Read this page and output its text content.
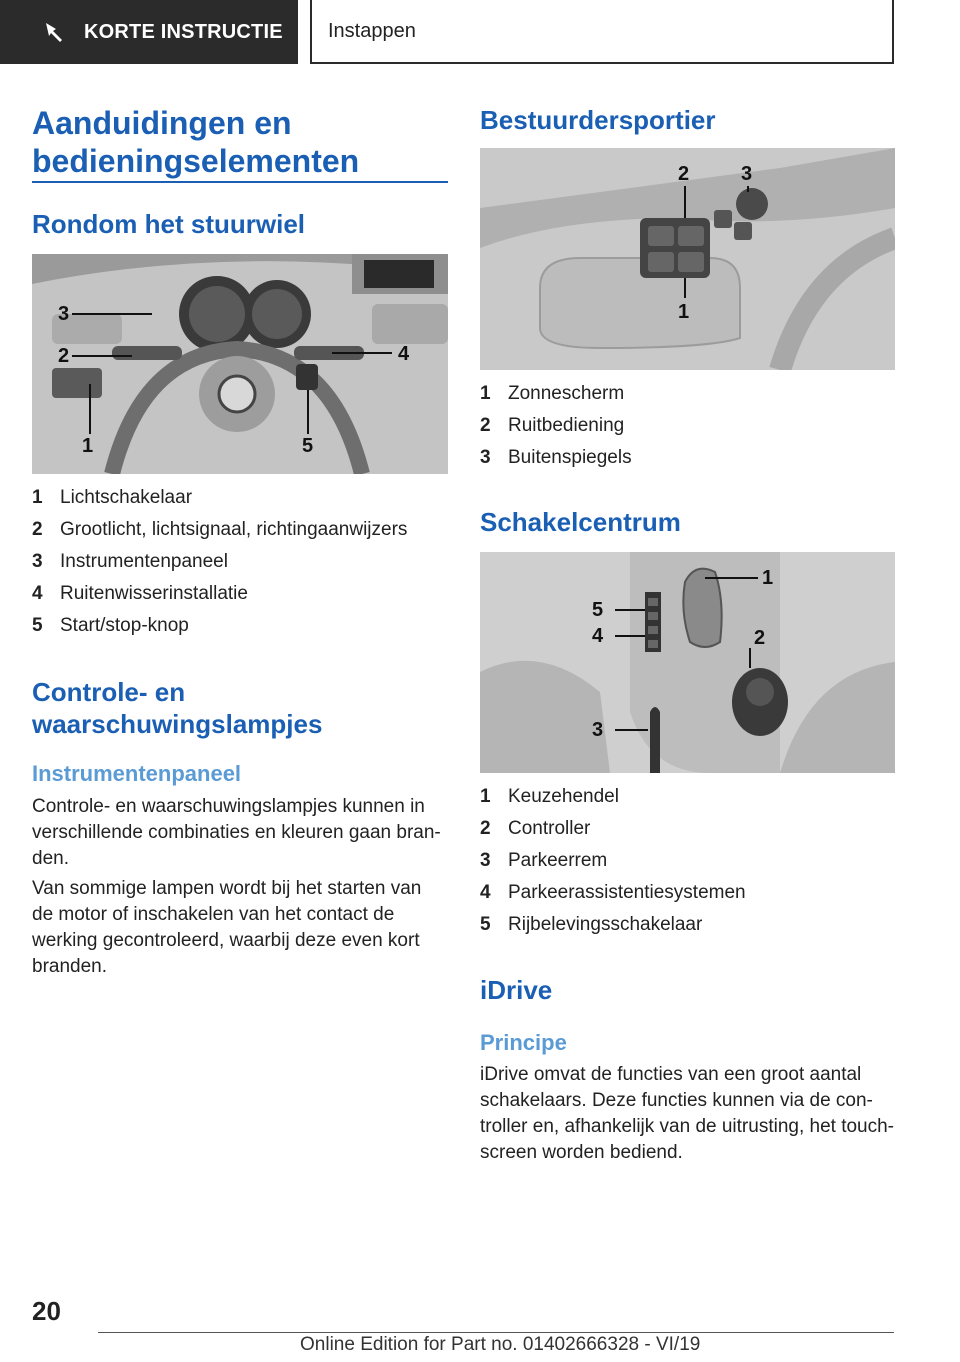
KORTE INSTRUCTIE Instappen
Aanduidingen en bedieningselementen
Rondom het stuurwiel
3
2	4
1	5
1 Lichtschakelaar
2 Grootlicht, lichtsignaal, richtingaanwijzers
3 Instrumentenpaneel
4 Ruitenwisserinstallatie
5 Start/stop-knop
Controle- en waarschuwingslampjes
Instrumentenpaneel
Controle- en waarschuwingslampjes kunnen in verschillende combinaties en kleuren gaan bran-den.
Van sommige lampen wordt bij het starten van de motor of inschakelen van het contact de werking gecontroleerd, waarbij deze even kort branden.
Bestuurdersportier
2	3
1
1 Zonnescherm
2 Ruitbediening
3 Buitenspiegels
Schakelcentrum
1
5
4	2
3
1 Keuzehendel
2 Controller
3 Parkeerrem
4 Parkeerassistentiesystemen
5 Rijbelevingsschakelaar
iDrive
Principe
iDrive omvat de functies van een groot aantal schakelaars. Deze functies kunnen via de con-troller en, afhankelijk van de uitrusting, het touch-screen worden bediend.
20
Online Edition for Part no. 01402666328 - VI/19
